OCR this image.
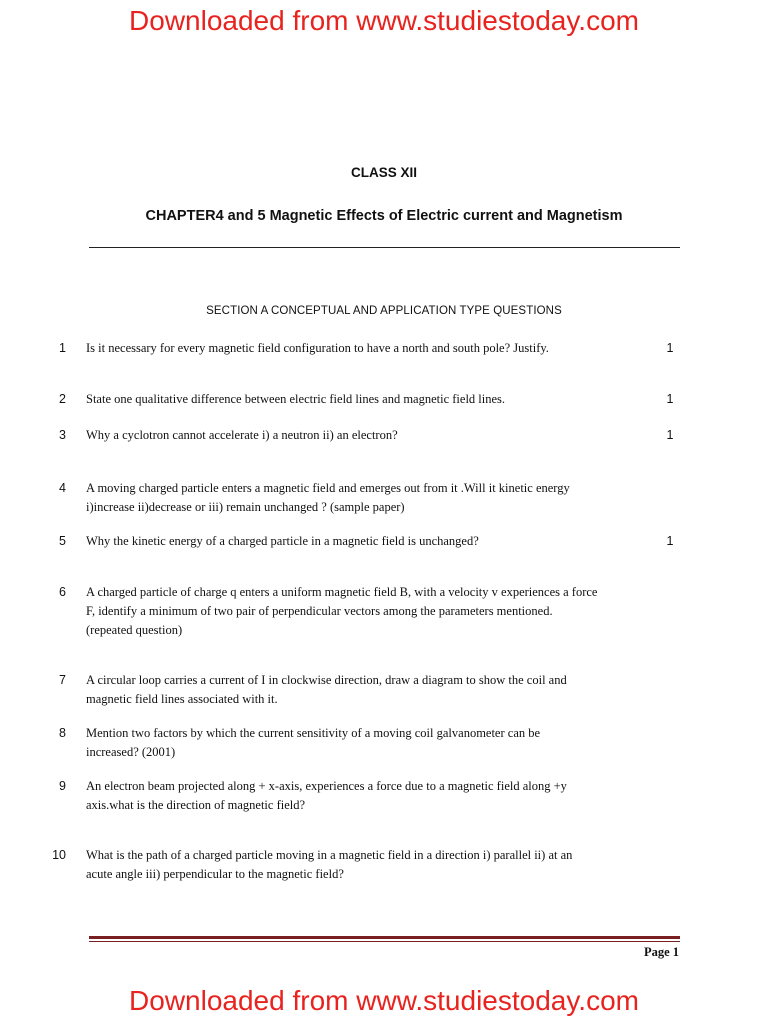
Downloaded from www.studiestoday.com
CLASS XII
CHAPTER4 and 5 Magnetic Effects of Electric current and Magnetism
SECTION A CONCEPTUAL AND APPLICATION TYPE QUESTIONS
1 Is it necessary for every magnetic field configuration to have a north and south pole? Justify.	1
2 State one qualitative difference between electric field lines and magnetic field lines.	1
3 Why a cyclotron cannot accelerate i) a neutron ii) an electron?	1
4 A moving charged particle enters a magnetic field and emerges out from it .Will it kinetic energy
i)increase ii)decrease or iii) remain unchanged ? (sample paper)
5 Why the kinetic energy of a charged particle in a magnetic field is unchanged?	1
6 A charged particle of charge q enters a uniform magnetic field B, with a velocity v experiences a force
F, identify a minimum of two pair of perpendicular vectors among the parameters mentioned.
(repeated question)
7 A circular loop carries a current of I in clockwise direction, draw a diagram to show the coil and
magnetic field lines associated with it.
8 Mention two factors by which the current sensitivity of a moving coil galvanometer can be
increased? (2001)
9 An electron beam projected along + x-axis, experiences a force due to a magnetic field along +y
axis.what is the direction of magnetic field?
10 What is the path of a charged particle moving in a magnetic field in a direction i) parallel ii) at an
acute angle iii) perpendicular to the magnetic field?
Page 1
Downloaded from www.studiestoday.com
